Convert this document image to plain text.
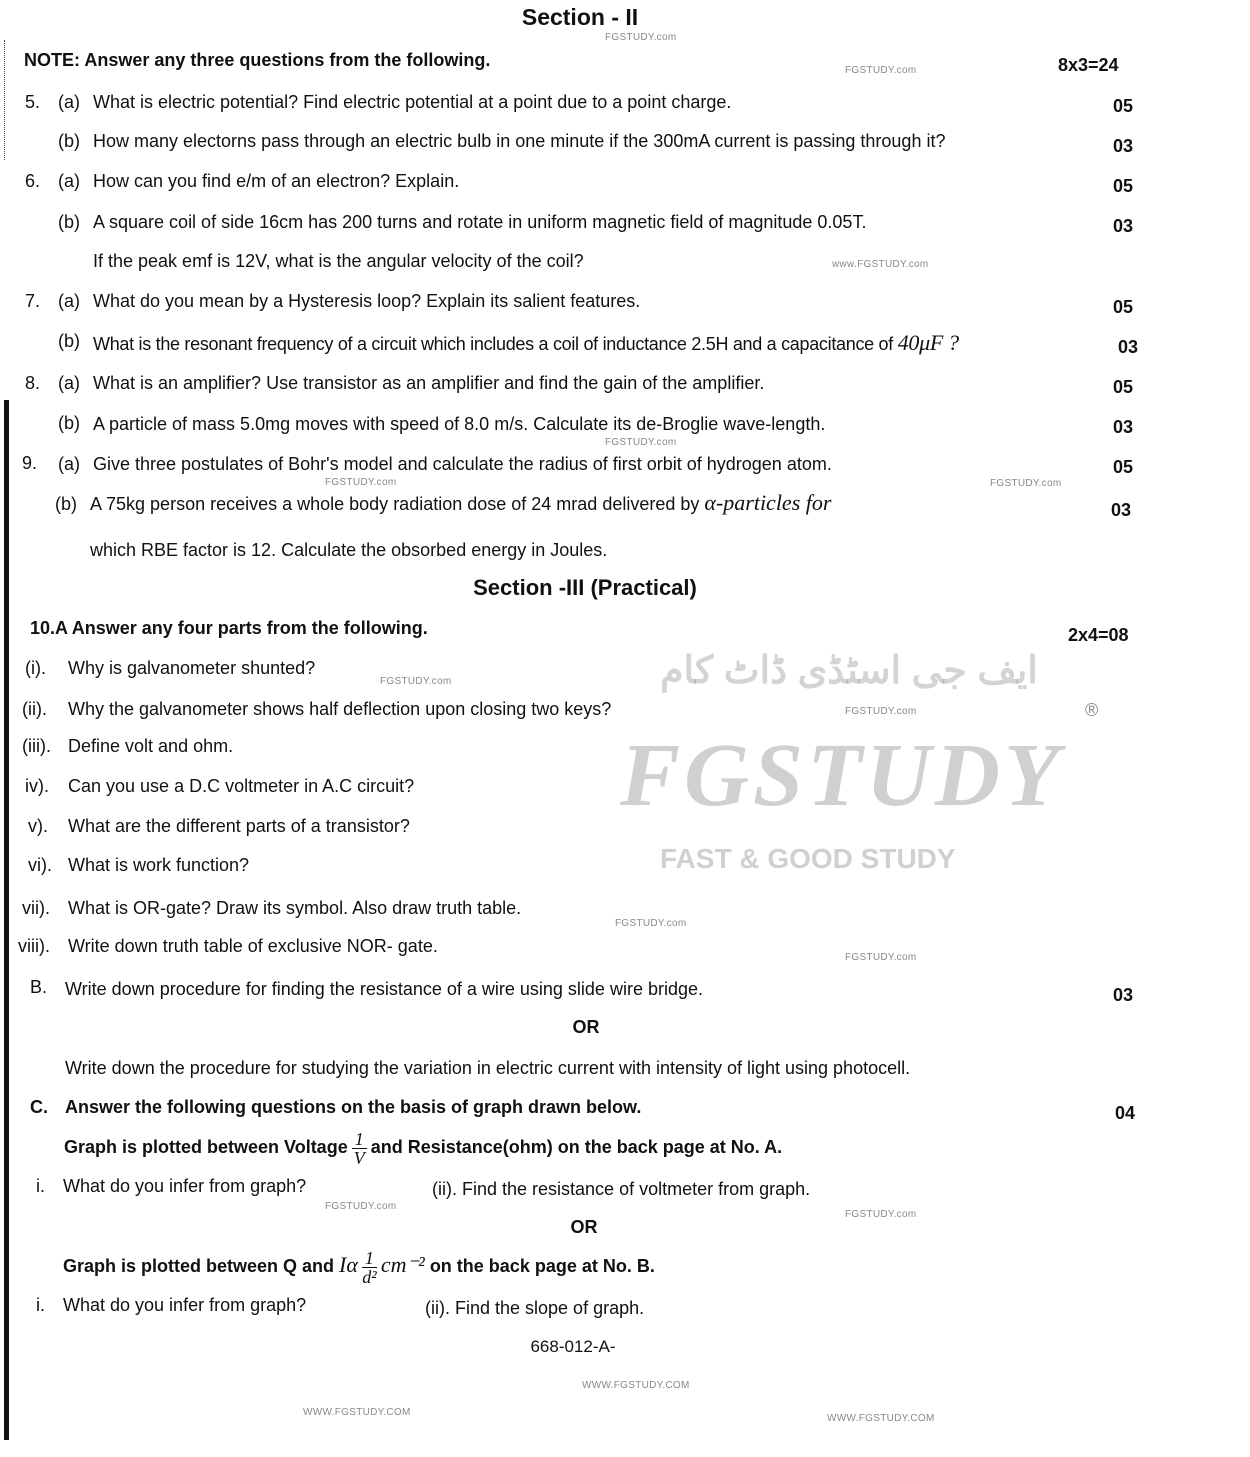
ایف جی اسٹڈی ڈاٹ کام
FGSTUDY
FAST & GOOD STUDY
®
FGSTUDY.com
FGSTUDY.com
www.FGSTUDY.com
FGSTUDY.com
FGSTUDY.com	FGSTUDY.com
FGSTUDY.com
FGSTUDY.com
FGSTUDY.com
FGSTUDY.com
FGSTUDY.com
FGSTUDY.com
WWW.FGSTUDY.COM
WWW.FGSTUDY.COM
WWW.FGSTUDY.COM
Section - II
NOTE: Answer any three questions from the following.	8x3=24
5. (a) What is electric potential? Find electric potential at a point due to a point charge.	05
(b) How many electorns pass through an electric bulb in one minute if the 300mA current is passing through it?	03
6. (a) How can you find e/m of an electron? Explain.	05
(b) A square coil of side 16cm has 200 turns and rotate in uniform magnetic field of magnitude 0.05T.	03
If the peak emf is 12V, what is the angular velocity of the coil?
7. (a) What do you mean by a Hysteresis loop? Explain its salient features.	05
(b) What is the resonant frequency of a circuit which includes a coil of inductance 2.5H and a capacitance of 40μF ?	03
8. (a) What is an amplifier? Use transistor as an amplifier and find the gain of the amplifier.	05
(b) A particle of mass 5.0mg moves with speed of 8.0 m/s. Calculate its de-Broglie wave-length.	03
9. (a) Give three postulates of Bohr's model and calculate the radius of first orbit of hydrogen atom.	05
(b) A 75kg person receives a whole body radiation dose of 24 mrad delivered by α-particles for	03
which RBE factor is 12. Calculate the obsorbed energy in Joules.
Section -III (Practical)
10.A Answer any four parts from the following.	2x4=08
(i). Why is galvanometer shunted?
(ii). Why the galvanometer shows half deflection upon closing two keys?
(iii). Define volt and ohm.
iv). Can you use a D.C voltmeter in A.C circuit?
v). What are the different parts of a transistor?
vi). What is work function?
vii). What is OR-gate? Draw its symbol. Also draw truth table.
viii). Write down truth table of exclusive NOR- gate.
B. Write down procedure for finding the resistance of a wire using slide wire bridge.	03
OR
Write down the procedure for studying the variation in electric current with intensity of light using photocell.
C. Answer the following questions on the basis of graph drawn below.	04
Graph is plotted between Voltage $\frac{1}{V}$ and Resistance(ohm) on the back page at No. A.
i. What do you infer from graph?	(ii). Find the resistance of voltmeter from graph.
OR
Graph is plotted between Q and Iα $\frac{1}{\text{d²}} cm^{-2}$ on the back page at No. B.
i. What do you infer from graph?	(ii). Find the slope of graph.
668-012-A-
